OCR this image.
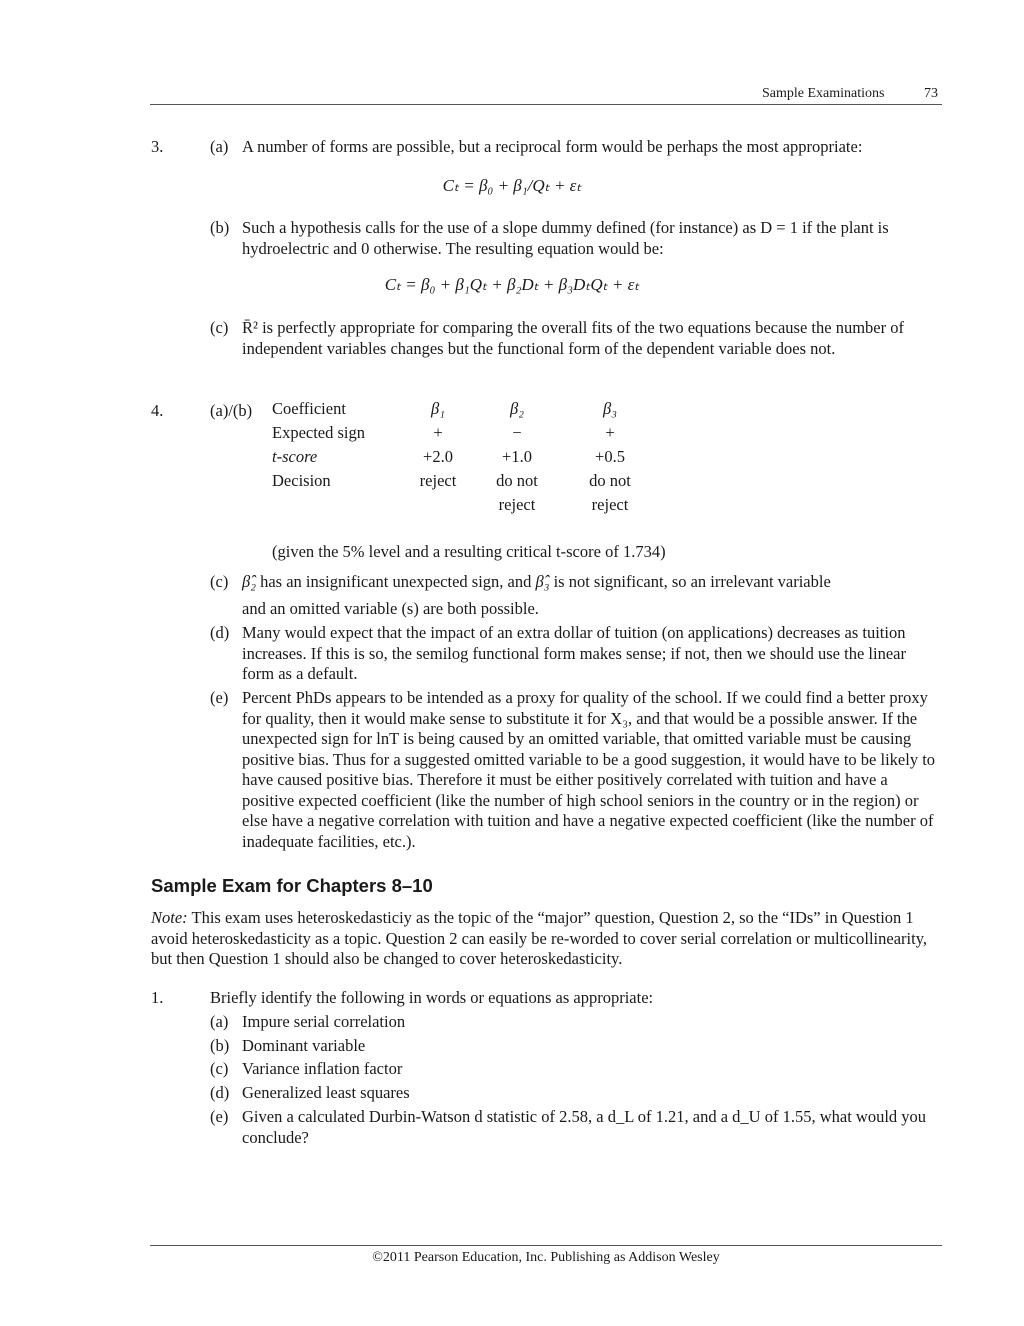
Sample Examinations	73
3.	(a) A number of forms are possible, but a reciprocal form would be perhaps the most appropriate:
Cₜ = β₀ + β₁/Qₜ + εₜ
(b) Such a hypothesis calls for the use of a slope dummy defined (for instance) as D = 1 if the plant is hydroelectric and 0 otherwise. The resulting equation would be:
Cₜ = β₀ + β₁Qₜ + β₂Dₜ + β₃DₜQₜ + εₜ
(c) R̄² is perfectly appropriate for comparing the overall fits of the two equations because the number of independent variables changes but the functional form of the dependent variable does not.
4.	(a)/(b) Coefficient	β₁	β₂	β₃
Expected sign	+	−	+
t-score	+2.0	+1.0	+0.5
Decision	reject	do not	do not
		reject	reject
(given the 5% level and a resulting critical t-score of 1.734)
(c) β̂₂ has an insignificant unexpected sign, and β̂₃ is not significant, so an irrelevant variable
and an omitted variable (s) are both possible.
(d) Many would expect that the impact of an extra dollar of tuition (on applications) decreases as tuition increases. If this is so, the semilog functional form makes sense; if not, then we should use the linear form as a default.
(e) Percent PhDs appears to be intended as a proxy for quality of the school. If we could find a better proxy for quality, then it would make sense to substitute it for X₃, and that would be a possible answer. If the unexpected sign for lnT is being caused by an omitted variable, that omitted variable must be causing positive bias. Thus for a suggested omitted variable to be a good suggestion, it would have to be likely to have caused positive bias. Therefore it must be either positively correlated with tuition and have a positive expected coefficient (like the number of high school seniors in the country or in the region) or else have a negative correlation with tuition and have a negative expected coefficient (like the number of inadequate facilities, etc.).
Sample Exam for Chapters 8–10
Note: This exam uses heteroskedasticiy as the topic of the “major” question, Question 2, so the “IDs” in Question 1 avoid heteroskedasticity as a topic. Question 2 can easily be re-worded to cover serial correlation or multicollinearity, but then Question 1 should also be changed to cover heteroskedasticity.
1.	Briefly identify the following in words or equations as appropriate:
(a) Impure serial correlation
(b) Dominant variable
(c) Variance inflation factor
(d) Generalized least squares
(e) Given a calculated Durbin-Watson d statistic of 2.58, a d_L of 1.21, and a d_U of 1.55, what would you conclude?
©2011 Pearson Education, Inc. Publishing as Addison Wesley
